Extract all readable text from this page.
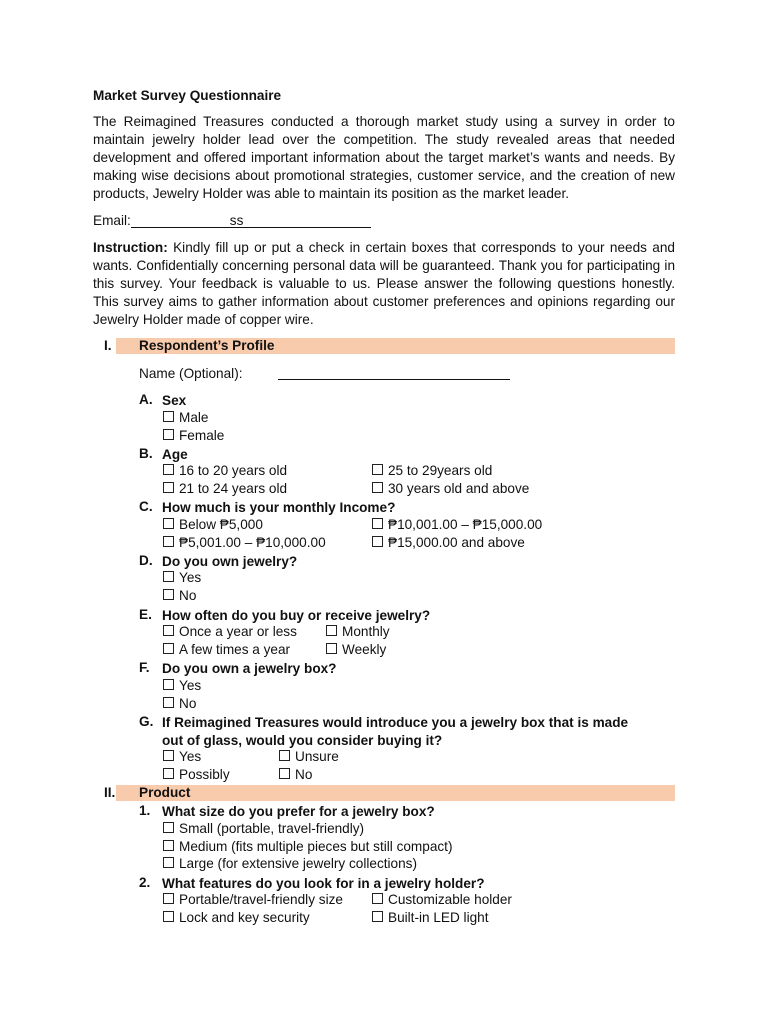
Market Survey Questionnaire

The Reimagined Treasures conducted a thorough market study using a survey in order to maintain jewelry holder lead over the competition. The study revealed areas that needed development and offered important information about the target market’s wants and needs. By making wise decisions about promotional strategies, customer service, and the creation of new products, Jewelry Holder was able to maintain its position as the market leader.

Email:	ss

Instruction: Kindly fill up or put a check in certain boxes that corresponds to your needs and wants. Confidentially concerning personal data will be guaranteed. Thank you for participating in this survey. Your feedback is valuable to us. Please answer the following questions honestly. This survey aims to gather information about customer preferences and opinions regarding our Jewelry Holder made of copper wire.

I. Respondent’s Profile
Name (Optional):
A. Sex
Male
Female
B. Age
16 to 20 years old	25 to 29years old
21 to 24 years old	30 years old and above
C. How much is your monthly Income?
Below ₱5,000	₱10,001.00 – ₱15,000.00
₱5,001.00 – ₱10,000.00	₱15,000.00 and above
D. Do you own jewelry?
Yes
No
E. How often do you buy or receive jewelry?
Once a year or less	Monthly
A few times a year	Weekly
F. Do you own a jewelry box?
Yes
No
G. If Reimagined Treasures would introduce you a jewelry box that is made
out of glass, would you consider buying it?
Yes	Unsure
Possibly	No
II. Product
1. What size do you prefer for a jewelry box?
Small (portable, travel-friendly)
Medium (fits multiple pieces but still compact)
Large (for extensive jewelry collections)
2. What features do you look for in a jewelry holder?
Portable/travel-friendly size	Customizable holder
Lock and key security	Built-in LED light
